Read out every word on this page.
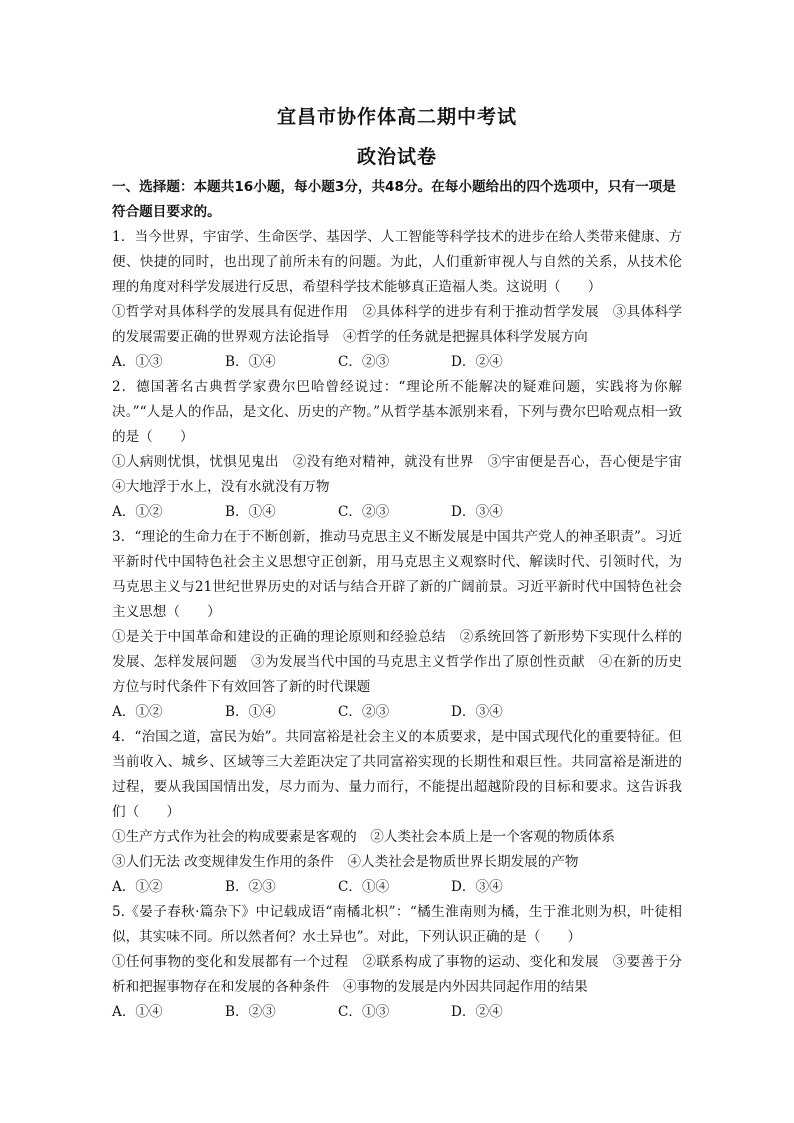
宜昌市协作体高二期中考试
政治试卷

一、选择题：本题共16小题，每小题3分，共48分。在每小题给出的四个选项中，只有一项是符合题目要求的。

1．当今世界，宇宙学、生命医学、基因学、人工智能等科学技术的进步在给人类带来健康、方便、快捷的同时，也出现了前所未有的问题。为此，人们重新审视人与自然的关系，从技术伦理的角度对科学发展进行反思，希望科学技术能够真正造福人类。这说明（　　）

①哲学对具体科学的发展具有促进作用　②具体科学的进步有利于推动哲学发展　③具体科学的发展需要正确的世界观方法论指导　④哲学的任务就是把握具体科学发展方向

A．①③	B．①④	C．②③	D．②④

2．德国著名古典哲学家费尔巴哈曾经说过：“理论所不能解决的疑难问题，实践将为你解决。”“人是人的作品，是文化、历史的产物。”从哲学基本派别来看，下列与费尔巴哈观点相一致的是（　　）

①人病则忧惧，忧惧见鬼出　②没有绝对精神，就没有世界　③宇宙便是吾心，吾心便是宇宙　④大地浮于水上，没有水就没有万物

A．①②	B．①④	C．②③	D．③④

3．“理论的生命力在于不断创新，推动马克思主义不断发展是中国共产党人的神圣职责”。习近平新时代中国特色社会主义思想守正创新，用马克思主义观察时代、解读时代、引领时代，为马克思主义与21世纪世界历史的对话与结合开辟了新的广阔前景。习近平新时代中国特色社会主义思想（　　）

①是关于中国革命和建设的正确的理论原则和经验总结　②系统回答了新形势下实现什么样的发展、怎样发展问题　③为发展当代中国的马克思主义哲学作出了原创性贡献　④在新的历史方位与时代条件下有效回答了新的时代课题

A．①②	B．①④	C．②③	D．③④

4．“治国之道，富民为始”。共同富裕是社会主义的本质要求，是中国式现代化的重要特征。但当前收入、城乡、区域等三大差距决定了共同富裕实现的长期性和艰巨性。共同富裕是渐进的过程，要从我国国情出发，尽力而为、量力而行，不能提出超越阶段的目标和要求。这告诉我们（　　）

①生产方式作为社会的构成要素是客观的　②人类社会本质上是一个客观的物质体系

③人们无法 改变规律发生作用的条件　④人类社会是物质世界长期发展的产物

A．①②	B．②③	C．①④	D．③④

5.《晏子春秋·篇杂下》中记载成语“南橘北枳”：“橘生淮南则为橘，生于淮北则为枳，叶徒相似，其实味不同。所以然者何？水土异也”。对此，下列认识正确的是（　　）

①任何事物的变化和发展都有一个过程　②联系构成了事物的运动、变化和发展　③要善于分析和把握事物存在和发展的各种条件　④事物的发展是内外因共同起作用的结果

A．①④	B．②③	C．①③	D．②④
